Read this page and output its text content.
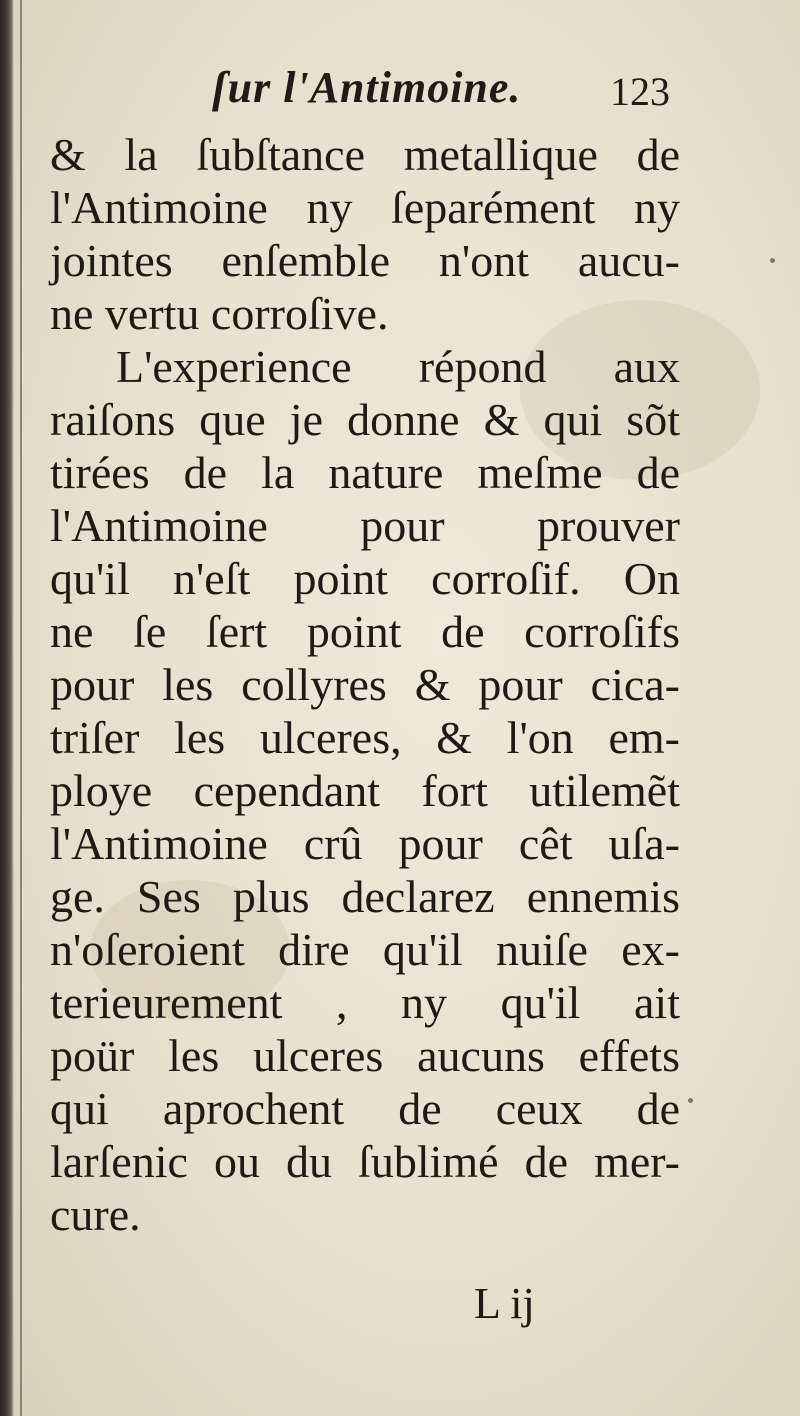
ſur l'Antimoine. 123
& la ſubſtance metallique de
l'Antimoine ny ſeparément ny
jointes enſemble n'ont aucu-
ne vertu corroſive.
L'experience répond aux
raiſons que je donne & qui sõt
tirées de la nature meſme de
l'Antimoine pour prouver
qu'il n'eſt point corroſif. On
ne ſe ſert point de corroſifs
pour les collyres & pour cica-
triſer les ulceres, & l'on em-
ploye cependant fort utilemẽt
l'Antimoine crû pour cêt uſa-
ge. Ses plus declarez ennemis
n'oſeroient dire qu'il nuiſe ex-
terieurement , ny qu'il ait
poür les ulceres aucuns effets
qui aprochent de ceux de
larſenic ou du ſublimé de mer-
cure.
L ij
